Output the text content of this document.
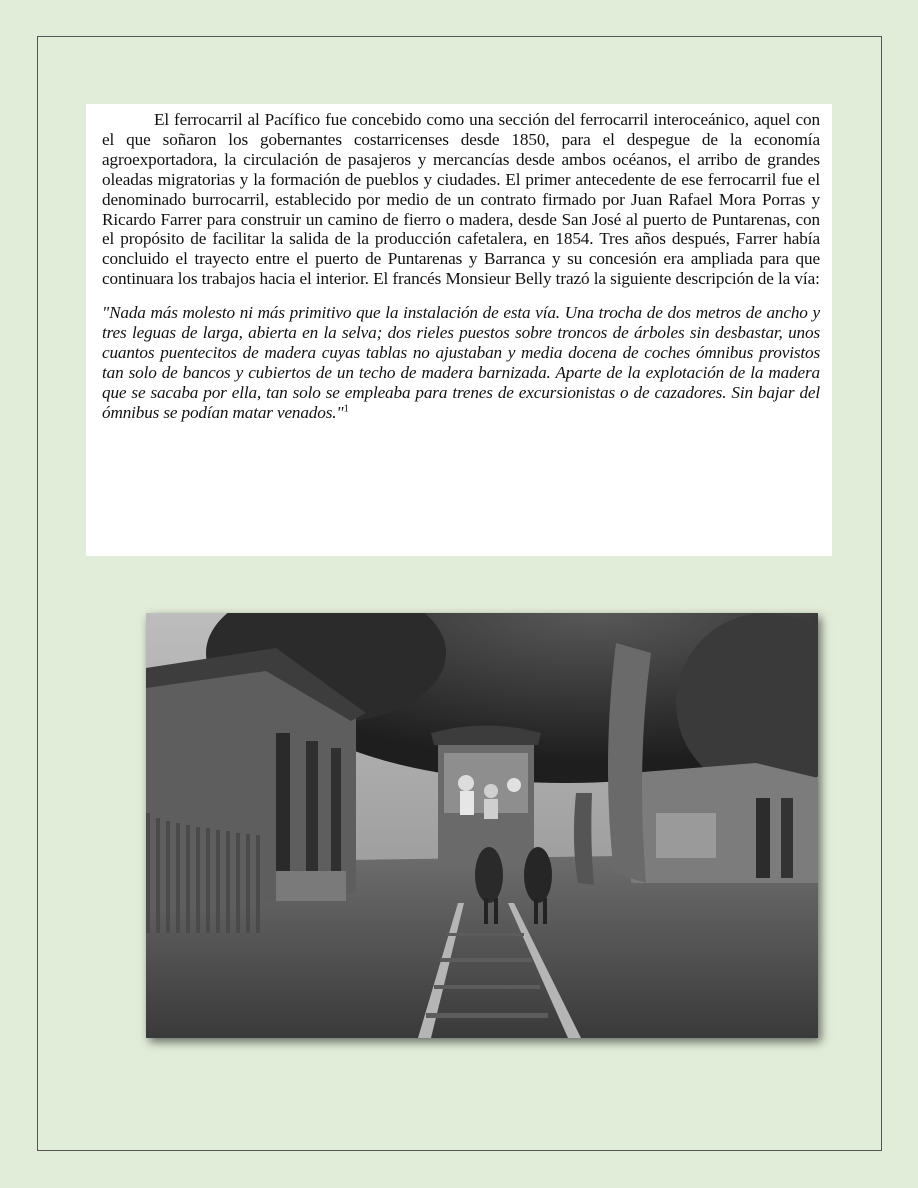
El ferrocarril al Pacífico fue concebido como una sección del ferrocarril interoceánico, aquel con el que soñaron los gobernantes costarricenses desde 1850, para el despegue de la economía agroexportadora, la circulación de pasajeros y mercancías desde ambos océanos, el arribo de grandes oleadas migratorias y la formación de pueblos y ciudades. El primer antecedente de ese ferrocarril fue el denominado burrocarril, establecido por medio de un contrato firmado por Juan Rafael Mora Porras y Ricardo Farrer para construir un camino de fierro o madera, desde San José al puerto de Puntarenas, con el propósito de facilitar la salida de la producción cafetalera, en 1854. Tres años después, Farrer había concluido el trayecto entre el puerto de Puntarenas y Barranca y su concesión era ampliada para que continuara los trabajos hacia el interior. El francés Monsieur Belly trazó la siguiente descripción de la vía:

"Nada más molesto ni más primitivo que la instalación de esta vía. Una trocha de dos metros de ancho y tres leguas de larga, abierta en la selva; dos rieles puestos sobre troncos de árboles sin desbastar, unos cuantos puentecitos de madera cuyas tablas no ajustaban y media docena de coches ómnibus provistos tan solo de bancos y cubiertos de un techo de madera barnizada. Aparte de la explotación de la madera que se sacaba por ella, tan solo se empleaba para trenes de excursionistas o de cazadores. Sin bajar del ómnibus se podían matar venados."$^1$
